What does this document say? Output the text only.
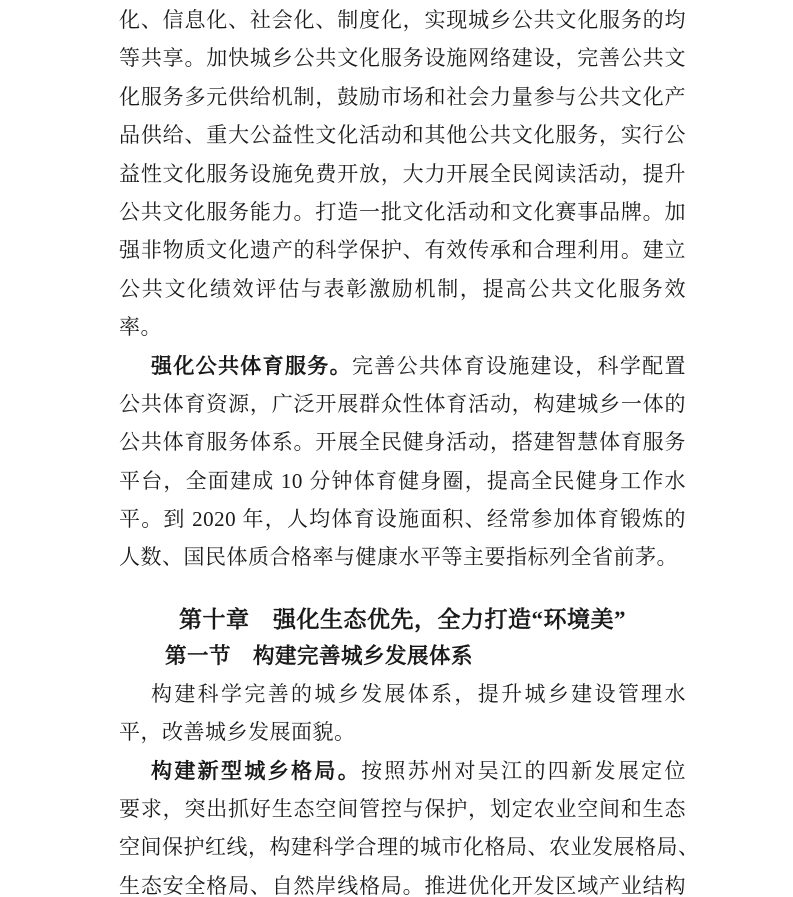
化、信息化、社会化、制度化，实现城乡公共文化服务的均
等共享。加快城乡公共文化服务设施网络建设，完善公共文
化服务多元供给机制，鼓励市场和社会力量参与公共文化产
品供给、重大公益性文化活动和其他公共文化服务，实行公
益性文化服务设施免费开放，大力开展全民阅读活动，提升
公共文化服务能力。打造一批文化活动和文化赛事品牌。加
强非物质文化遗产的科学保护、有效传承和合理利用。建立
公共文化绩效评估与表彰激励机制，提高公共文化服务效
率。
强化公共体育服务。完善公共体育设施建设，科学配置
公共体育资源，广泛开展群众性体育活动，构建城乡一体的
公共体育服务体系。开展全民健身活动，搭建智慧体育服务
平台，全面建成 10 分钟体育健身圈，提高全民健身工作水
平。到 2020 年，人均体育设施面积、经常参加体育锻炼的
人数、国民体质合格率与健康水平等主要指标列全省前茅。
第十章　强化生态优先，全力打造“环境美”
第一节　构建完善城乡发展体系
构建科学完善的城乡发展体系，提升城乡建设管理水
平，改善城乡发展面貌。
构建新型城乡格局。按照苏州对吴江的四新发展定位
要求，突出抓好生态空间管控与保护，划定农业空间和生态
空间保护红线，构建科学合理的城市化格局、农业发展格局、
生态安全格局、自然岸线格局。推进优化开发区域产业结构
